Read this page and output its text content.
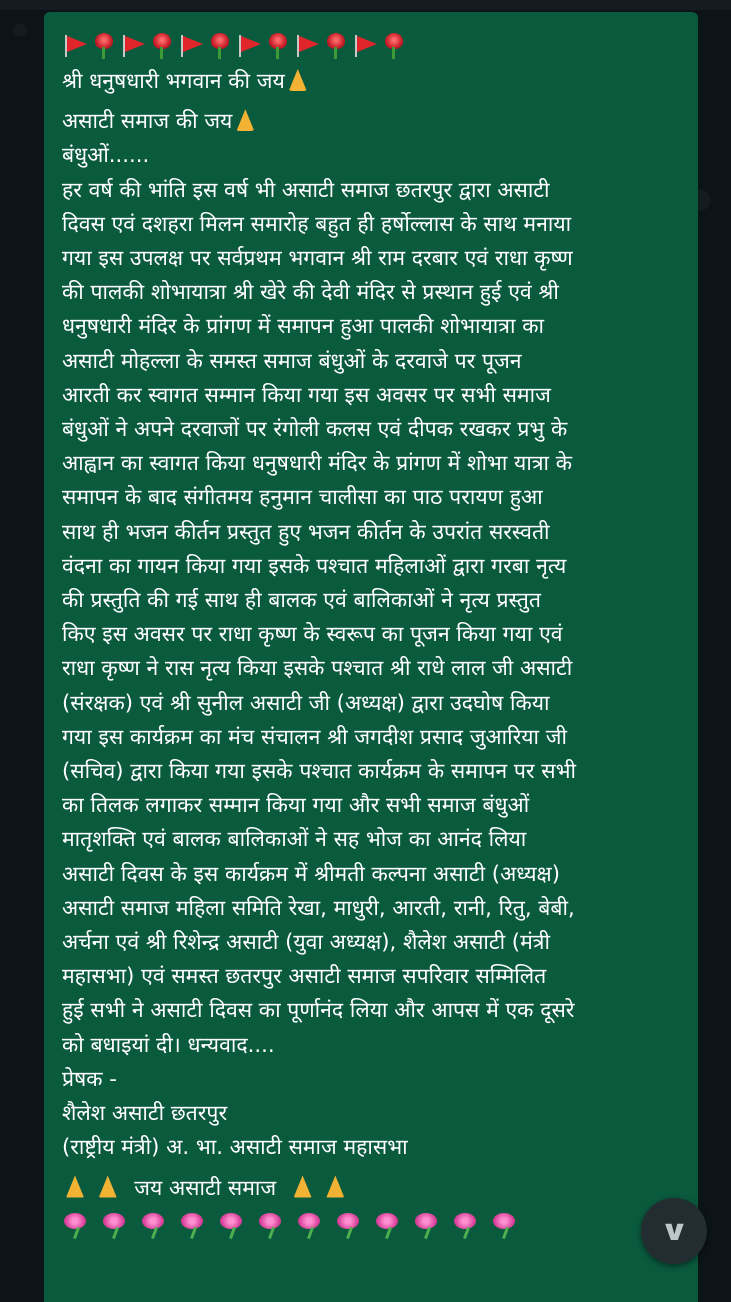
श्री धनुषधारी भगवान की जय
असाटी समाज की जय
बंधुओं......
हर वर्ष की भांति इस वर्ष भी असाटी समाज छतरपुर द्वारा असाटी
दिवस एवं दशहरा मिलन समारोह बहुत ही हर्षोल्लास के साथ मनाया
गया इस उपलक्ष पर सर्वप्रथम भगवान श्री राम दरबार एवं राधा कृष्ण
की पालकी शोभायात्रा श्री खेरे की देवी मंदिर से प्रस्थान हुई एवं श्री
धनुषधारी मंदिर के प्रांगण में समापन हुआ पालकी शोभायात्रा का
असाटी मोहल्ला के समस्त समाज बंधुओं के दरवाजे पर पूजन
आरती कर स्वागत सम्मान किया गया इस अवसर पर सभी समाज
बंधुओं ने अपने दरवाजों पर रंगोली कलस एवं दीपक रखकर प्रभु के
आह्वान का स्वागत किया धनुषधारी मंदिर के प्रांगण में शोभा यात्रा के
समापन के बाद संगीतमय हनुमान चालीसा का पाठ परायण हुआ
साथ ही भजन कीर्तन प्रस्तुत हुए भजन कीर्तन के उपरांत सरस्वती
वंदना का गायन किया गया इसके पश्चात महिलाओं द्वारा गरबा नृत्य
की प्रस्तुति की गई साथ ही बालक एवं बालिकाओं ने नृत्य प्रस्तुत
किए इस अवसर पर राधा कृष्ण के स्वरूप का पूजन किया गया एवं
राधा कृष्ण ने रास नृत्य किया इसके पश्चात श्री राधे लाल जी असाटी
(संरक्षक) एवं श्री सुनील असाटी जी (अध्यक्ष) द्वारा उदघोष किया
गया इस कार्यक्रम का मंच संचालन श्री जगदीश प्रसाद जुआरिया जी
(सचिव) द्वारा किया गया इसके पश्चात कार्यक्रम के समापन पर सभी
का तिलक लगाकर सम्मान किया गया और सभी समाज बंधुओं
मातृशक्ति एवं बालक बालिकाओं ने सह भोज का आनंद लिया
असाटी दिवस के इस कार्यक्रम में श्रीमती कल्पना असाटी (अध्यक्ष)
असाटी समाज महिला समिति रेखा, माधुरी, आरती, रानी, रितु, बेबी,
अर्चना एवं श्री रिशेन्द्र असाटी (युवा अध्यक्ष), शैलेश असाटी (मंत्री
महासभा) एवं समस्त छतरपुर असाटी समाज सपरिवार सम्मिलित
हुई सभी ने असाटी दिवस का पूर्णानंद लिया और आपस में एक दूसरे
को बधाइयां दी। धन्यवाद....
प्रेषक -
शैलेश असाटी छतरपुर
(राष्ट्रीय मंत्री) अ. भा. असाटी समाज महासभा
जय असाटी समाज
∨
